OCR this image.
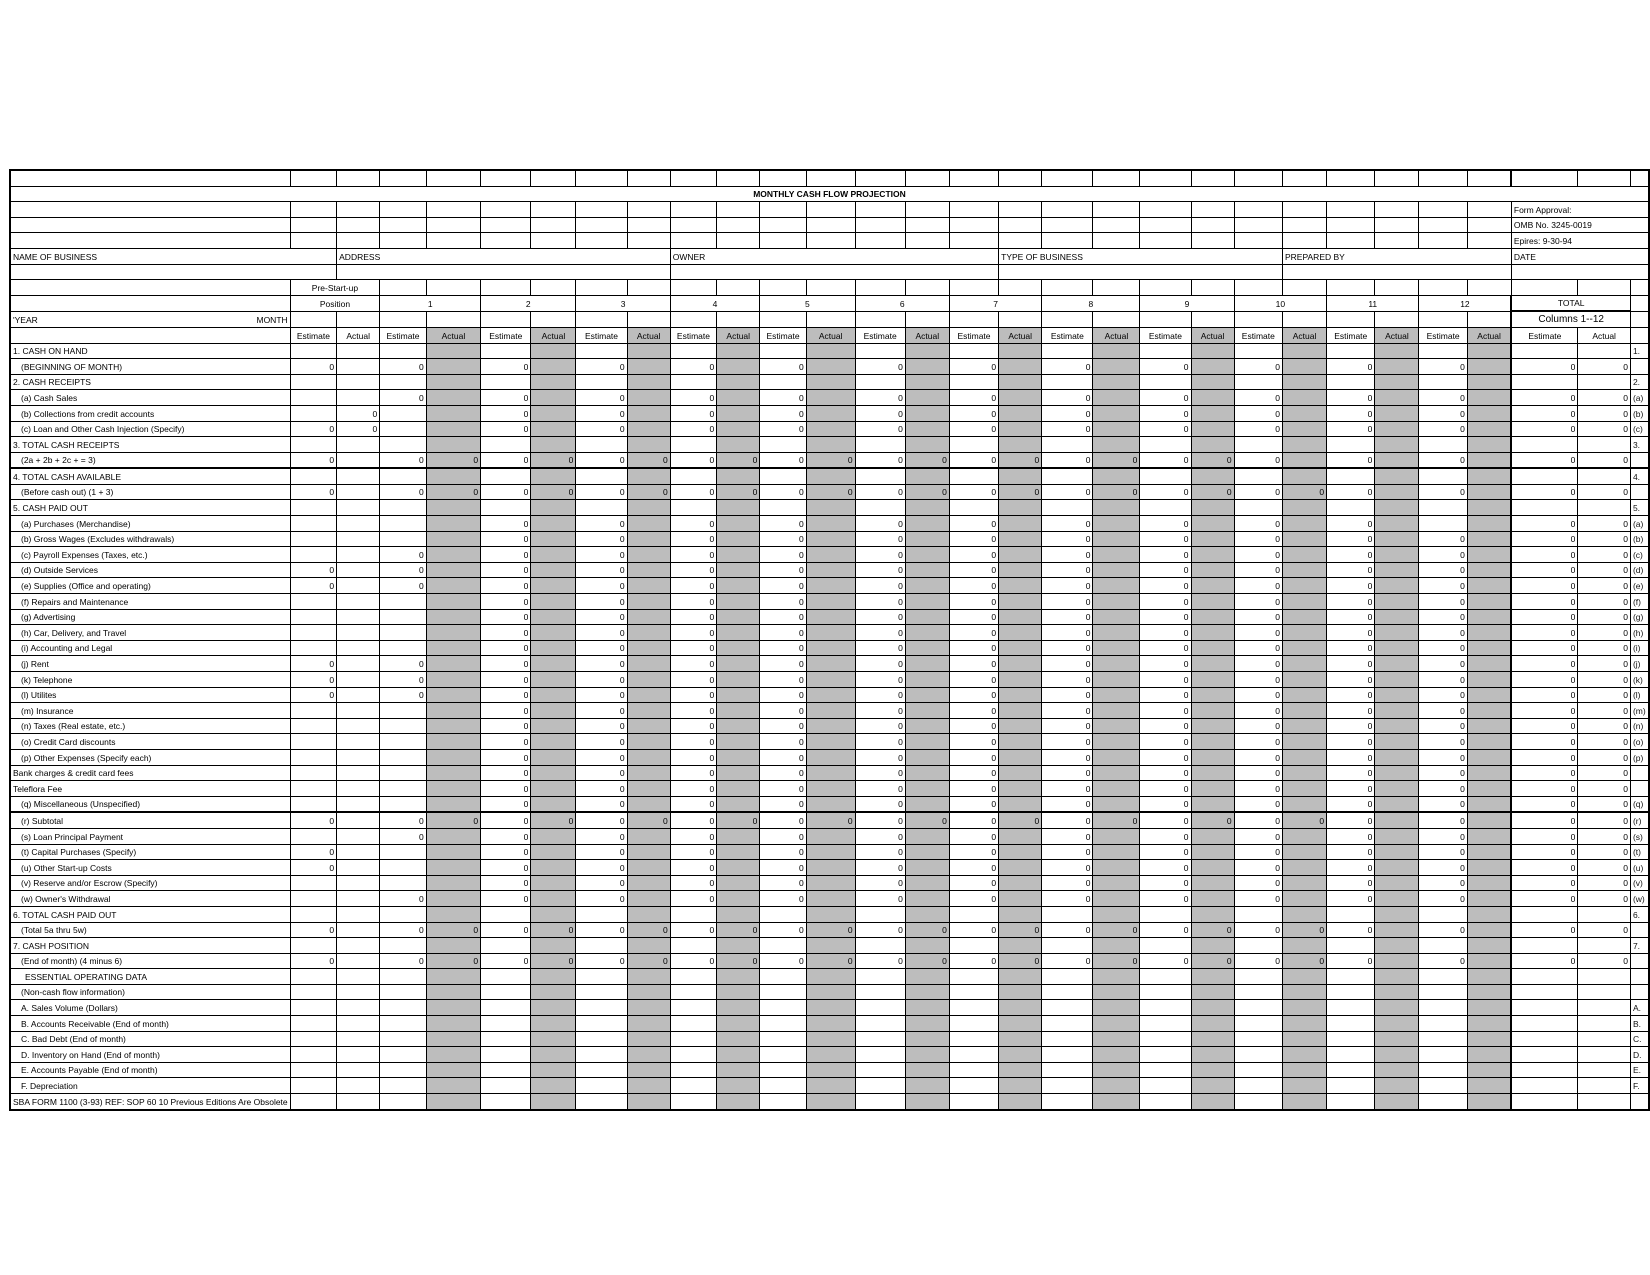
MONTHLY CASH FLOW PROJECTION																													
																											Form Approval:		
																											OMB No. 3245-0019		
																											Epires: 9-30-94		
NAME OF BUSINESS		ADDRESS							OWNER							TYPE OF BUSINESS						PREPARED BY					DATE		

	Pre-Start-up																												
	Position		1		2		3		4		5		6		7		8		9		10		11		12		TOTAL		
'YEAR MONTH																											Columns 1--12		
	Estimate	Actual	Estimate	Actual	Estimate	Actual	Estimate	Actual	Estimate	Actual	Estimate	Actual	Estimate	Actual	Estimate	Actual	Estimate	Actual	Estimate	Actual	Estimate	Actual	Estimate	Actual	Estimate	Actual	Estimate	Actual	
1. CASH ON HAND																													1.
(BEGINNING OF MONTH)	0		0		0		0		0		0		0		0		0		0		0		0		0		0	0	
2. CASH RECEIPTS																													2.
(a) Cash Sales			0		0		0		0		0		0		0		0		0		0		0		0		0	0	(a)
(b) Collections from credit accounts		0			0		0		0		0		0		0		0		0		0		0		0		0	0	(b)
(c) Loan and Other Cash Injection (Specify)	0	0			0		0		0		0		0		0		0		0		0		0		0		0	0	(c)
3. TOTAL CASH RECEIPTS																													3.
(2a + 2b + 2c + = 3)	0		0	0	0	0	0	0	0	0	0	0	0	0	0	0	0	0	0	0	0		0		0		0	0	
4. TOTAL CASH AVAILABLE																													4.
(Before cash out) (1 + 3)	0		0	0	0	0	0	0	0	0	0	0	0	0	0	0	0	0	0	0	0	0	0		0		0	0	
5. CASH PAID OUT																													5.
(a) Purchases (Merchandise)					0		0		0		0		0		0		0		0		0		0				0	0	(a)
(b) Gross Wages (Excludes withdrawals)					0		0		0		0		0		0		0		0		0		0		0		0	0	(b)
(c) Payroll Expenses (Taxes, etc.)			0		0		0		0		0		0		0		0		0		0		0		0		0	0	(c)
(d) Outside Services	0		0		0		0		0		0		0		0		0		0		0		0		0		0	0	(d)
(e) Supplies (Office and operating)	0		0		0		0		0		0		0		0		0		0		0		0		0		0	0	(e)
(f) Repairs and Maintenance					0		0		0		0		0		0		0		0		0		0		0		0	0	(f)
(g) Advertising					0		0		0		0		0		0		0		0		0		0		0		0	0	(g)
(h) Car, Delivery, and Travel					0		0		0		0		0		0		0		0		0		0		0		0	0	(h)
(i) Accounting and Legal					0		0		0		0		0		0		0		0		0		0		0		0	0	(i)
(j) Rent	0		0		0		0		0		0		0		0		0		0		0		0		0		0	0	(j)
(k) Telephone	0		0		0		0		0		0		0		0		0		0		0		0		0		0	0	(k)
(l) Utilites	0		0		0		0		0		0		0		0		0		0		0		0		0		0	0	(l)
(m) Insurance					0		0		0		0		0		0		0		0		0		0		0		0	0	(m)
(n) Taxes (Real estate, etc.)					0		0		0		0		0		0		0		0		0		0		0		0	0	(n)
(o) Credit Card discounts					0		0		0		0		0		0		0		0		0		0		0		0	0	(o)
(p) Other Expenses (Specify each)					0		0		0		0		0		0		0		0		0		0		0		0	0	(p)
Bank charges & credit card fees					0		0		0		0		0		0		0		0		0		0		0		0	0	
Teleflora Fee					0		0		0		0		0		0		0		0		0		0		0		0	0	
(q) Miscellaneous (Unspecified)					0		0		0		0		0		0		0		0		0		0		0		0	0	(q)
(r) Subtotal	0		0	0	0	0	0	0	0	0	0	0	0	0	0	0	0	0	0	0	0	0	0		0		0	0	(r)
(s) Loan Principal Payment			0		0		0		0		0		0		0		0		0		0		0		0		0	0	(s)
(t) Capital Purchases (Specify)	0				0		0		0		0		0		0		0		0		0		0		0		0	0	(t)
(u) Other Start-up Costs	0				0		0		0		0		0		0		0		0		0		0		0		0	0	(u)
(v) Reserve and/or Escrow (Specify)					0		0		0		0		0		0		0		0		0		0		0		0	0	(v)
(w) Owner's Withdrawal			0		0		0		0		0		0		0		0		0		0		0		0		0	0	(w)
6. TOTAL CASH PAID OUT																													6.
(Total 5a thru 5w)	0		0	0	0	0	0	0	0	0	0	0	0	0	0	0	0	0	0	0	0	0	0		0		0	0	
7. CASH POSITION																													7.
(End of month) (4 minus 6)	0		0	0	0	0	0	0	0	0	0	0	0	0	0	0	0	0	0	0	0	0	0		0		0	0	
ESSENTIAL OPERATING DATA																													
(Non-cash flow information)																													
A. Sales Volume (Dollars)																													A.
B. Accounts Receivable (End of month)																													B.
C. Bad Debt (End of month)																													C.
D. Inventory on Hand (End of month)																													D.
E. Accounts Payable (End of month)																													E.
F. Depreciation																													F.
SBA FORM 1100 (3-93) REF: SOP 60 10 Previous Editions Are Obsolete																													
